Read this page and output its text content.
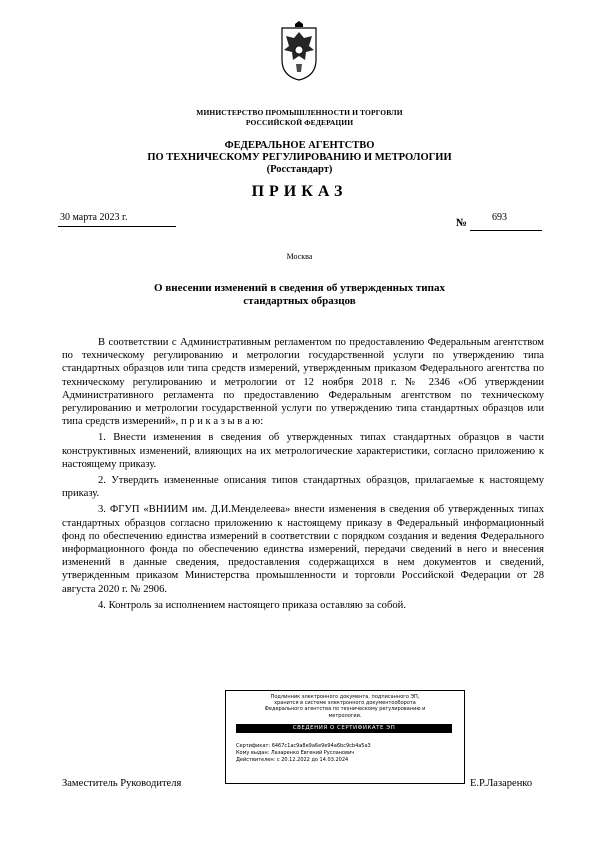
МИНИСТЕРСТВО ПРОМЫШЛЕННОСТИ И ТОРГОВЛИ
РОССИЙСКОЙ ФЕДЕРАЦИИ
ФЕДЕРАЛЬНОЕ АГЕНТСТВО
ПО ТЕХНИЧЕСКОМУ РЕГУЛИРОВАНИЮ И МЕТРОЛОГИИ
(Росстандарт)
ПРИКАЗ
30 марта 2023 г.	№ 693
Москва
О внесении изменений в сведения об утвержденных типах
стандартных образцов

В соответствии с Административным регламентом по предоставлению Федеральным агентством по техническому регулированию и метрологии государственной услуги по утверждению типа стандартных образцов или типа средств измерений, утвержденным приказом Федерального агентства по техническому регулированию и метрологии от 12 ноября 2018 г. № 2346 «Об утверждении Административного регламента по предоставлению Федеральным агентством по техническому регулированию и метрологии государственной услуги по утверждению типа стандартных образцов или типа средств измерений», п р и к а з ы в а ю:

1. Внести изменения в сведения об утвержденных типах стандартных образцов в части конструктивных изменений, влияющих на их метрологические характеристики, согласно приложению к настоящему приказу.

2. Утвердить измененные описания типов стандартных образцов, прилагаемые к настоящему приказу.

3. ФГУП «ВНИИМ им. Д.И.Менделеева» внести изменения в сведения об утвержденных типах стандартных образцов согласно приложению к настоящему приказу в Федеральный информационный фонд по обеспечению единства измерений в соответствии с порядком создания и ведения Федерального информационного фонда по обеспечению единства измерений, передачи сведений в него и внесения изменений в данные сведения, предоставления содержащихся в нем документов и сведений, утвержденным приказом Министерства промышленности и торговли Российской Федерации от 28 августа 2020 г. № 2906.

4. Контроль за исполнением настоящего приказа оставляю за собой.

Заместитель Руководителя	Е.Р.Лазаренко
Подлинник электронного документа, подписанного ЭП,
хранится в системе электронного документооборота
Федерального агентства по техническому регулированию и
метрологии.
СВЕДЕНИЯ О СЕРТИФИКАТЕ ЭП
Сертификат: 6467c1ac9a8e9a6e9e94a6bc9cb4a5a3
Кому выдан: Лазаренко Евгений Русланович
Действителен: с 20.12.2022 до 14.03.2024
